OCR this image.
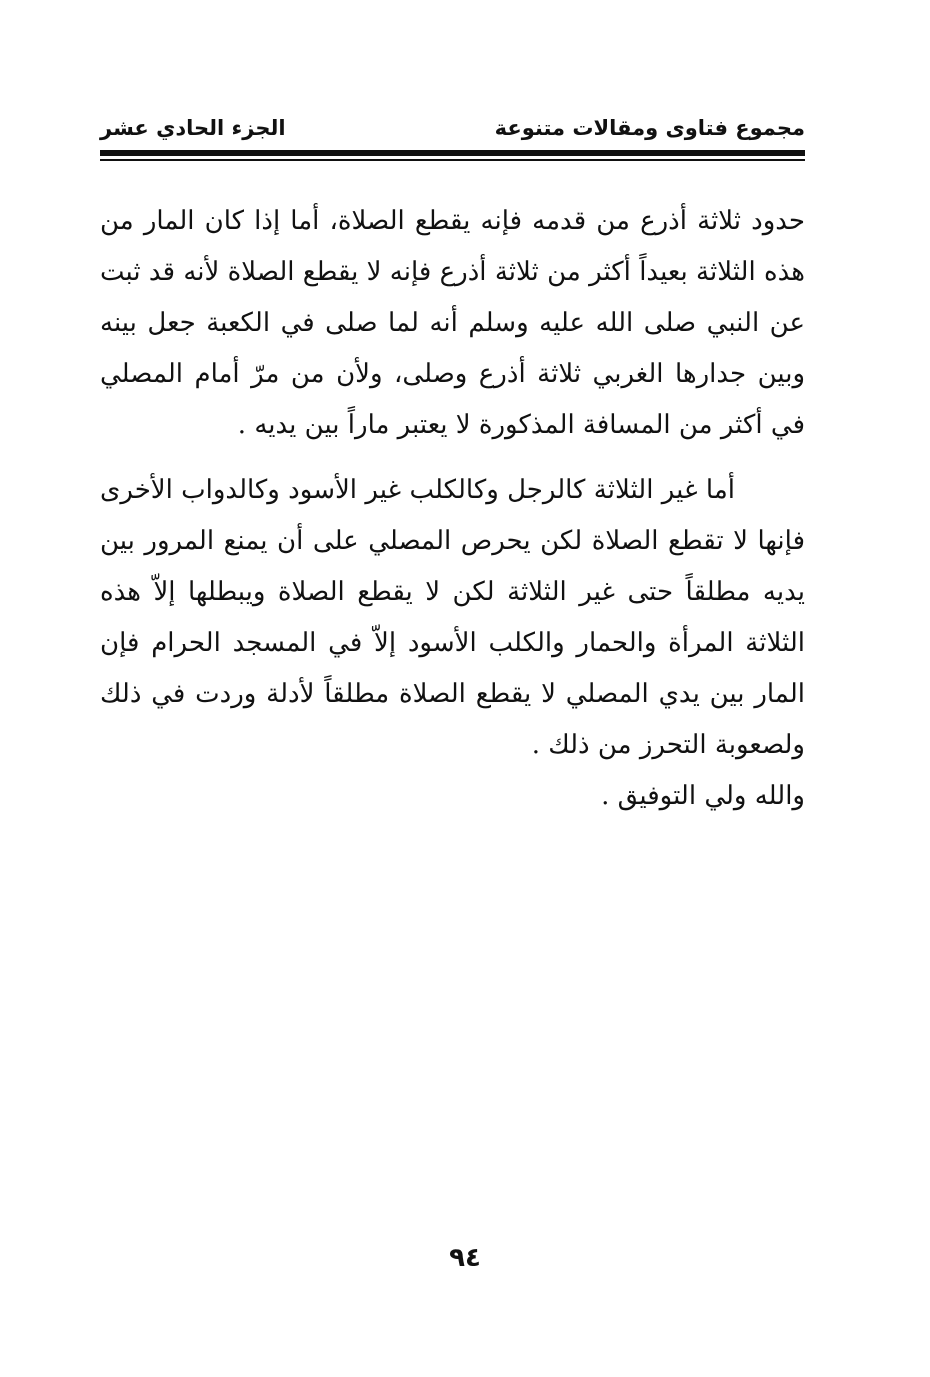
مجموع فتاوى ومقالات متنوعة
الجزء الحادي عشر

حدود ثلاثة أذرع من قدمه فإنه يقطع الصلاة، أما إذا كان المار من هذه الثلاثة بعيداً أكثر من ثلاثة أذرع فإنه لا يقطع الصلاة لأنه قد ثبت عن النبي صلى الله عليه وسلم أنه لما صلى في الكعبة جعل بينه وبين جدارها الغربي ثلاثة أذرع وصلى، ولأن من مرّ أمام المصلي في أكثر من المسافة المذكورة لا يعتبر ماراً بين يديه .

أما غير الثلاثة كالرجل وكالكلب غير الأسود وكالدواب الأخرى فإنها لا تقطع الصلاة لكن يحرص المصلي على أن يمنع المرور بين يديه مطلقاً حتى غير الثلاثة لكن لا يقطع الصلاة ويبطلها إلاّ هذه الثلاثة المرأة والحمار والكلب الأسود إلاّ في المسجد الحرام فإن المار بين يدي المصلي لا يقطع الصلاة مطلقاً لأدلة وردت في ذلك ولصعوبة التحرز من ذلك .

والله ولي التوفيق .

٩٤
